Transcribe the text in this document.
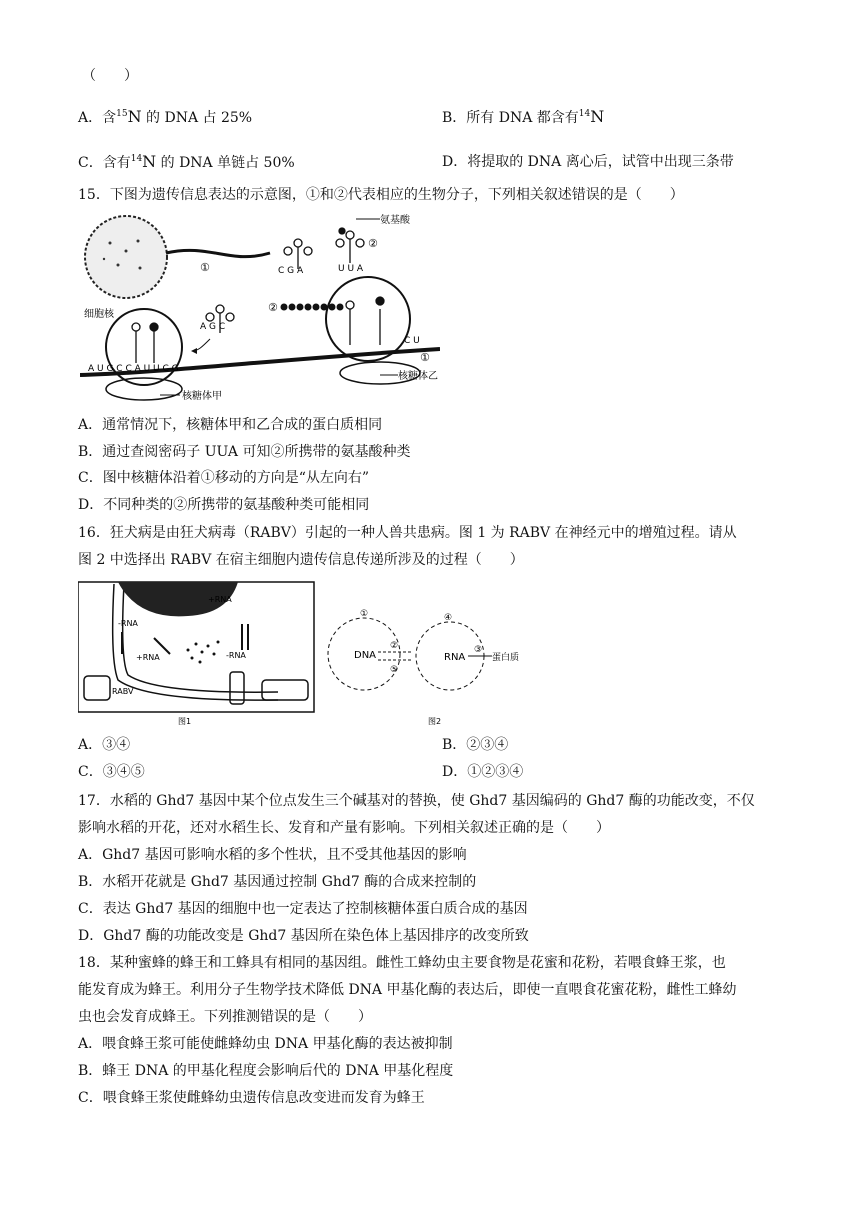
（　　）
A．含$^{15}$N 的 DNA 占 25%	B．所有 DNA 都含有$^{14}$N
C．含有$^{14}$N 的 DNA 单链占 50%	D．将提取的 DNA 离心后，试管中出现三条带
15．下图为遗传信息表达的示意图，①和②代表相应的生物分子，下列相关叙述错误的是（　　）
细胞核
①	C G A	U U A
氨基酸
②
A G C
②
A U G C C A U U C G
C U
①
核糖体甲
核糖体乙
A．通常情况下，核糖体甲和乙合成的蛋白质相同
B．通过查阅密码子 UUA 可知②所携带的氨基酸种类
C．图中核糖体沿着①移动的方向是“从左向右”
D．不同种类的②所携带的氨基酸种类可能相同
16．狂犬病是由狂犬病毒（RABV）引起的一种人兽共患病。图 1 为 RABV 在神经元中的增殖过程。请从
图 2 中选择出 RABV 在宿主细胞内遗传信息传递所涉及的过程（　　）
+RNA
-RNA
+RNA	-RNA
RABV
图1
①
DNA
②
⑤
④
RNA
③
蛋白质
图2
A．③④	B．②③④
C．③④⑤	D．①②③④
17．水稻的 Ghd7 基因中某个位点发生三个碱基对的替换，使 Ghd7 基因编码的 Ghd7 酶的功能改变，不仅
影响水稻的开花，还对水稻生长、发育和产量有影响。下列相关叙述正确的是（　　）
A．Ghd7 基因可影响水稻的多个性状，且不受其他基因的影响
B．水稻开花就是 Ghd7 基因通过控制 Ghd7 酶的合成来控制的
C．表达 Ghd7 基因的细胞中也一定表达了控制核糖体蛋白质合成的基因
D．Ghd7 酶的功能改变是 Ghd7 基因所在染色体上基因排序的改变所致
18．某种蜜蜂的蜂王和工蜂具有相同的基因组。雌性工蜂幼虫主要食物是花蜜和花粉，若喂食蜂王浆，也
能发育成为蜂王。利用分子生物学技术降低 DNA 甲基化酶的表达后，即使一直喂食花蜜花粉，雌性工蜂幼
虫也会发育成蜂王。下列推测错误的是（　　）
A．喂食蜂王浆可能使雌蜂幼虫 DNA 甲基化酶的表达被抑制
B．蜂王 DNA 的甲基化程度会影响后代的 DNA 甲基化程度
C．喂食蜂王浆使雌蜂幼虫遗传信息改变进而发育为蜂王
